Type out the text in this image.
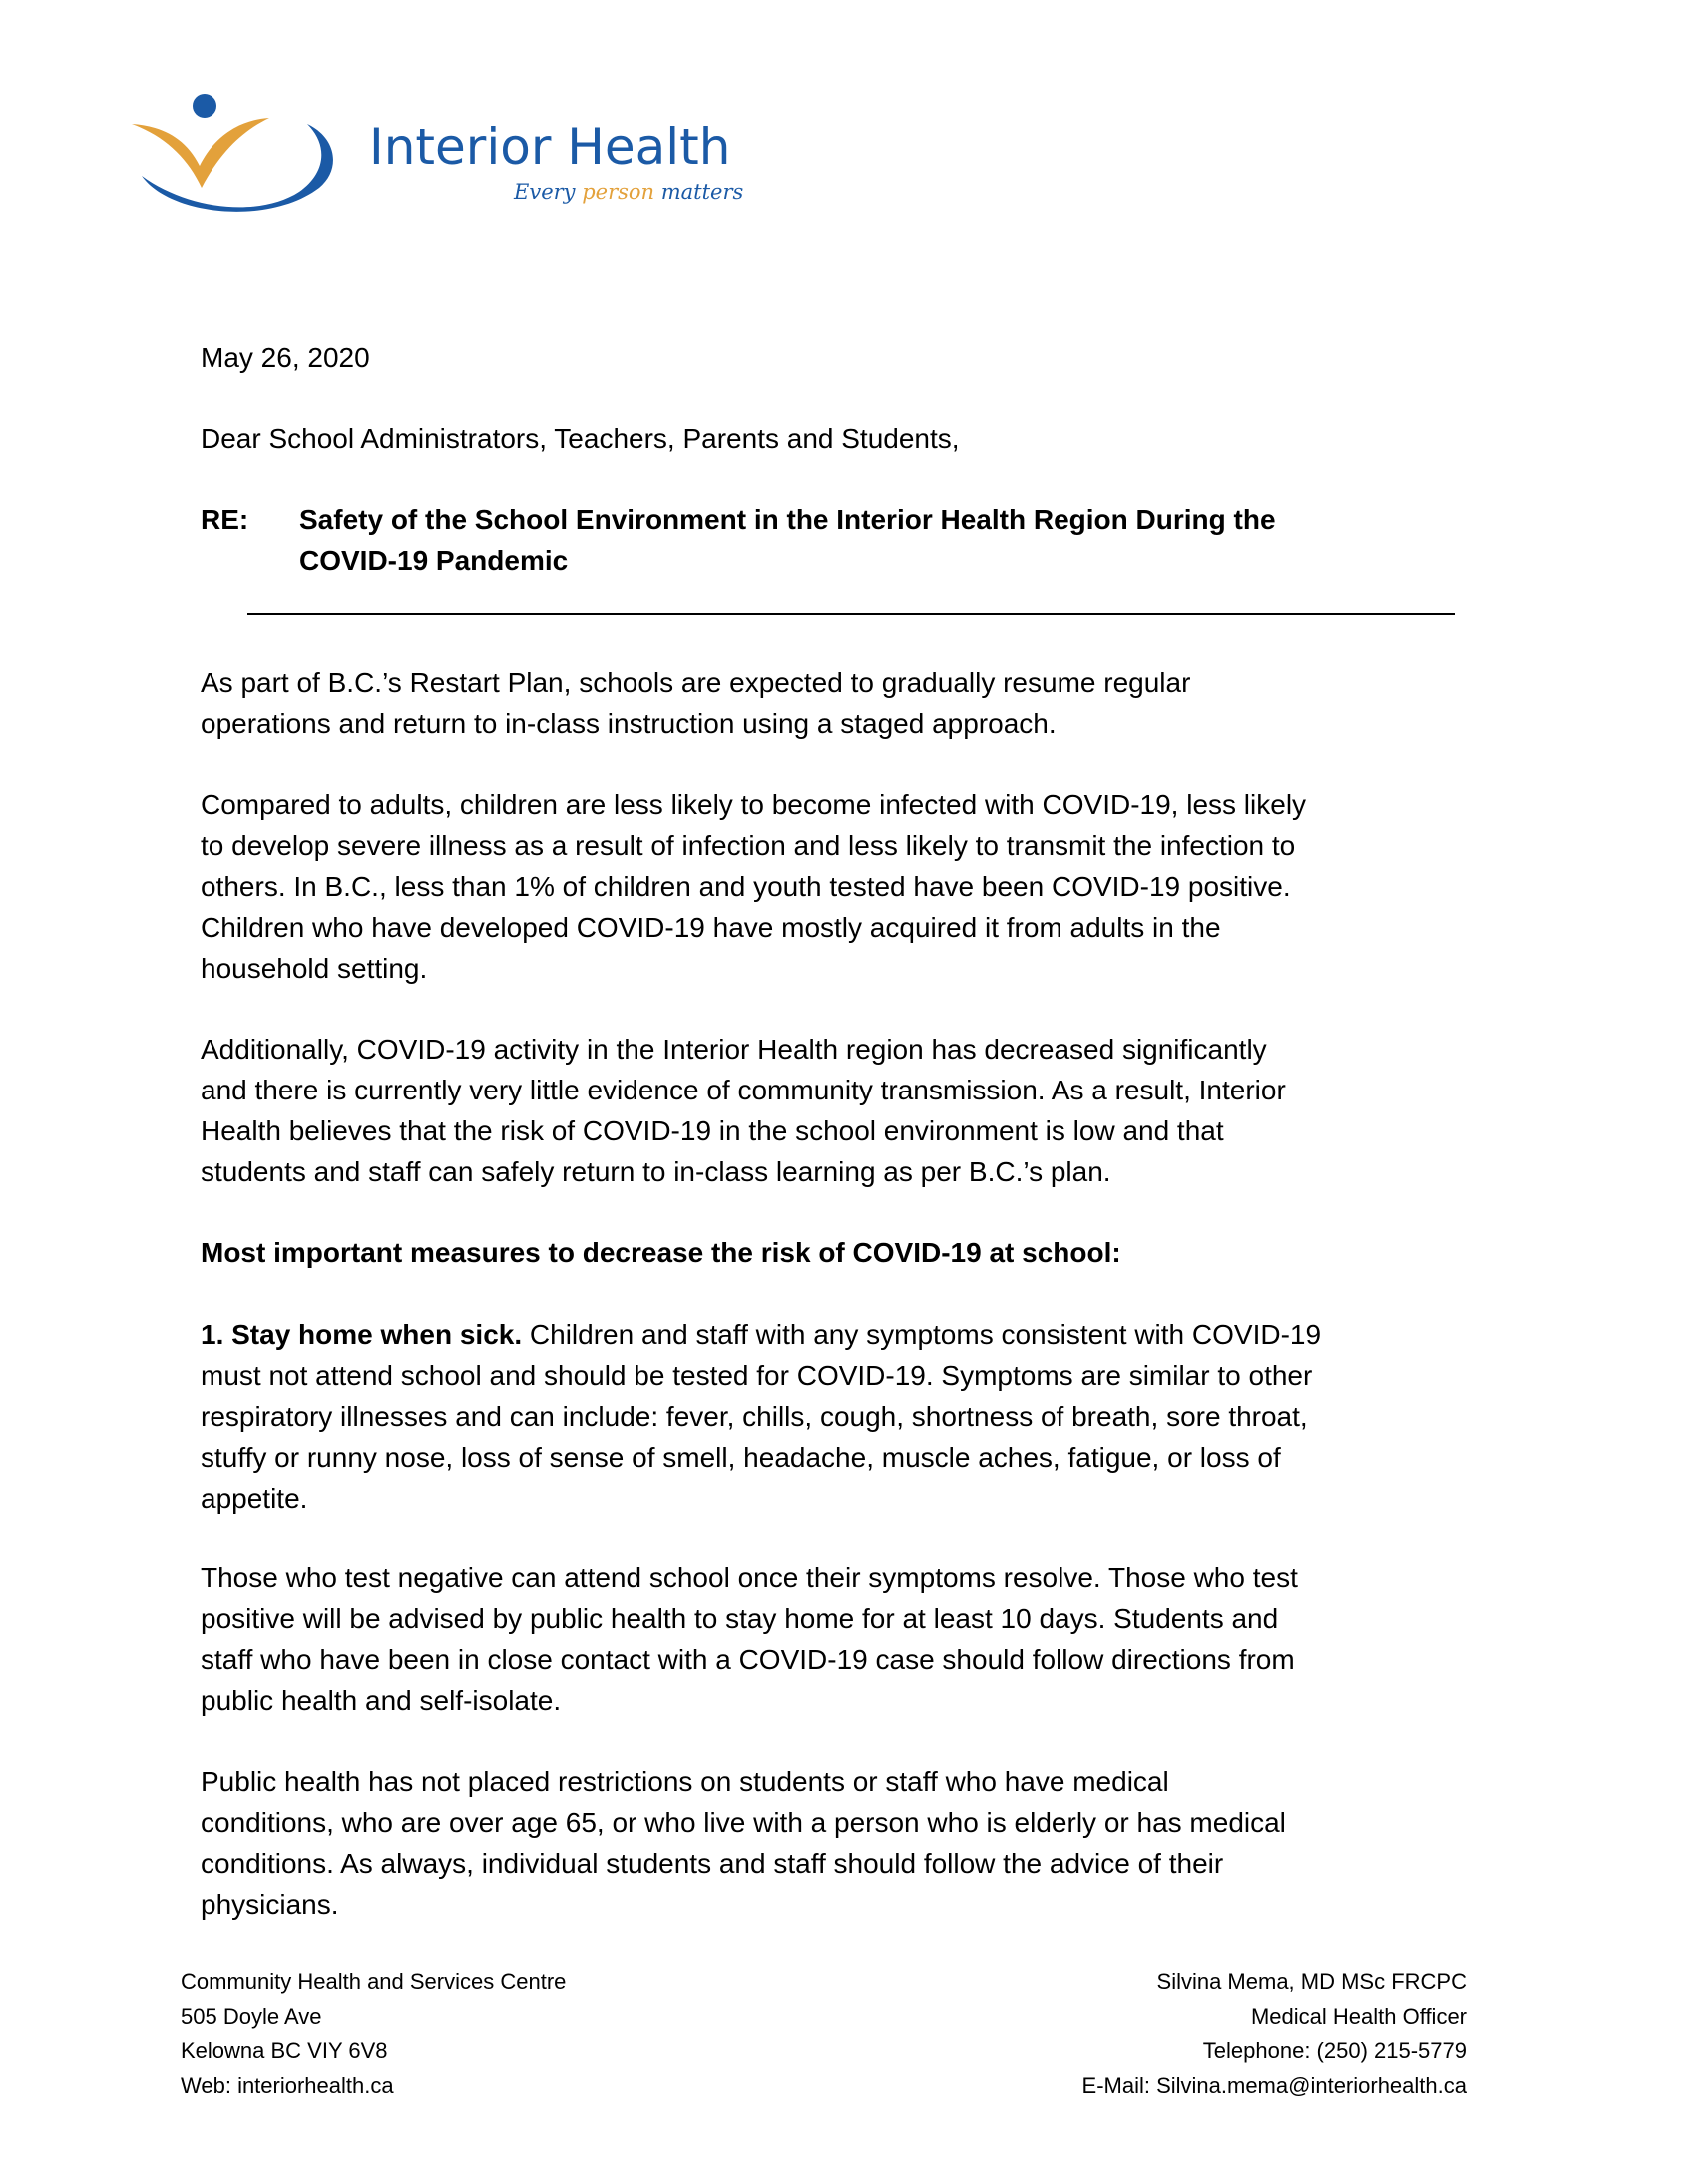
Interior Health
Every person matters
May 26, 2020
Dear School Administrators, Teachers, Parents and Students,
RE: Safety of the School Environment in the Interior Health Region During the
COVID-19 Pandemic
As part of B.C.’s Restart Plan, schools are expected to gradually resume regular
operations and return to in-class instruction using a staged approach.
Compared to adults, children are less likely to become infected with COVID-19, less likely
to develop severe illness as a result of infection and less likely to transmit the infection to
others. In B.C., less than 1% of children and youth tested have been COVID-19 positive.
Children who have developed COVID-19 have mostly acquired it from adults in the
household setting.
Additionally, COVID-19 activity in the Interior Health region has decreased significantly
and there is currently very little evidence of community transmission. As a result, Interior
Health believes that the risk of COVID-19 in the school environment is low and that
students and staff can safely return to in-class learning as per B.C.’s plan.
Most important measures to decrease the risk of COVID-19 at school:
1. Stay home when sick. Children and staff with any symptoms consistent with COVID-19
must not attend school and should be tested for COVID-19. Symptoms are similar to other
respiratory illnesses and can include: fever, chills, cough, shortness of breath, sore throat,
stuffy or runny nose, loss of sense of smell, headache, muscle aches, fatigue, or loss of
appetite.
Those who test negative can attend school once their symptoms resolve. Those who test
positive will be advised by public health to stay home for at least 10 days. Students and
staff who have been in close contact with a COVID-19 case should follow directions from
public health and self-isolate.
Public health has not placed restrictions on students or staff who have medical
conditions, who are over age 65, or who live with a person who is elderly or has medical
conditions. As always, individual students and staff should follow the advice of their
physicians.
Community Health and Services Centre
505 Doyle Ave
Kelowna BC VIY 6V8
Web: interiorhealth.ca
Silvina Mema, MD MSc FRCPC
Medical Health Officer
Telephone: (250) 215-5779
E-Mail: Silvina.mema@interiorhealth.ca
